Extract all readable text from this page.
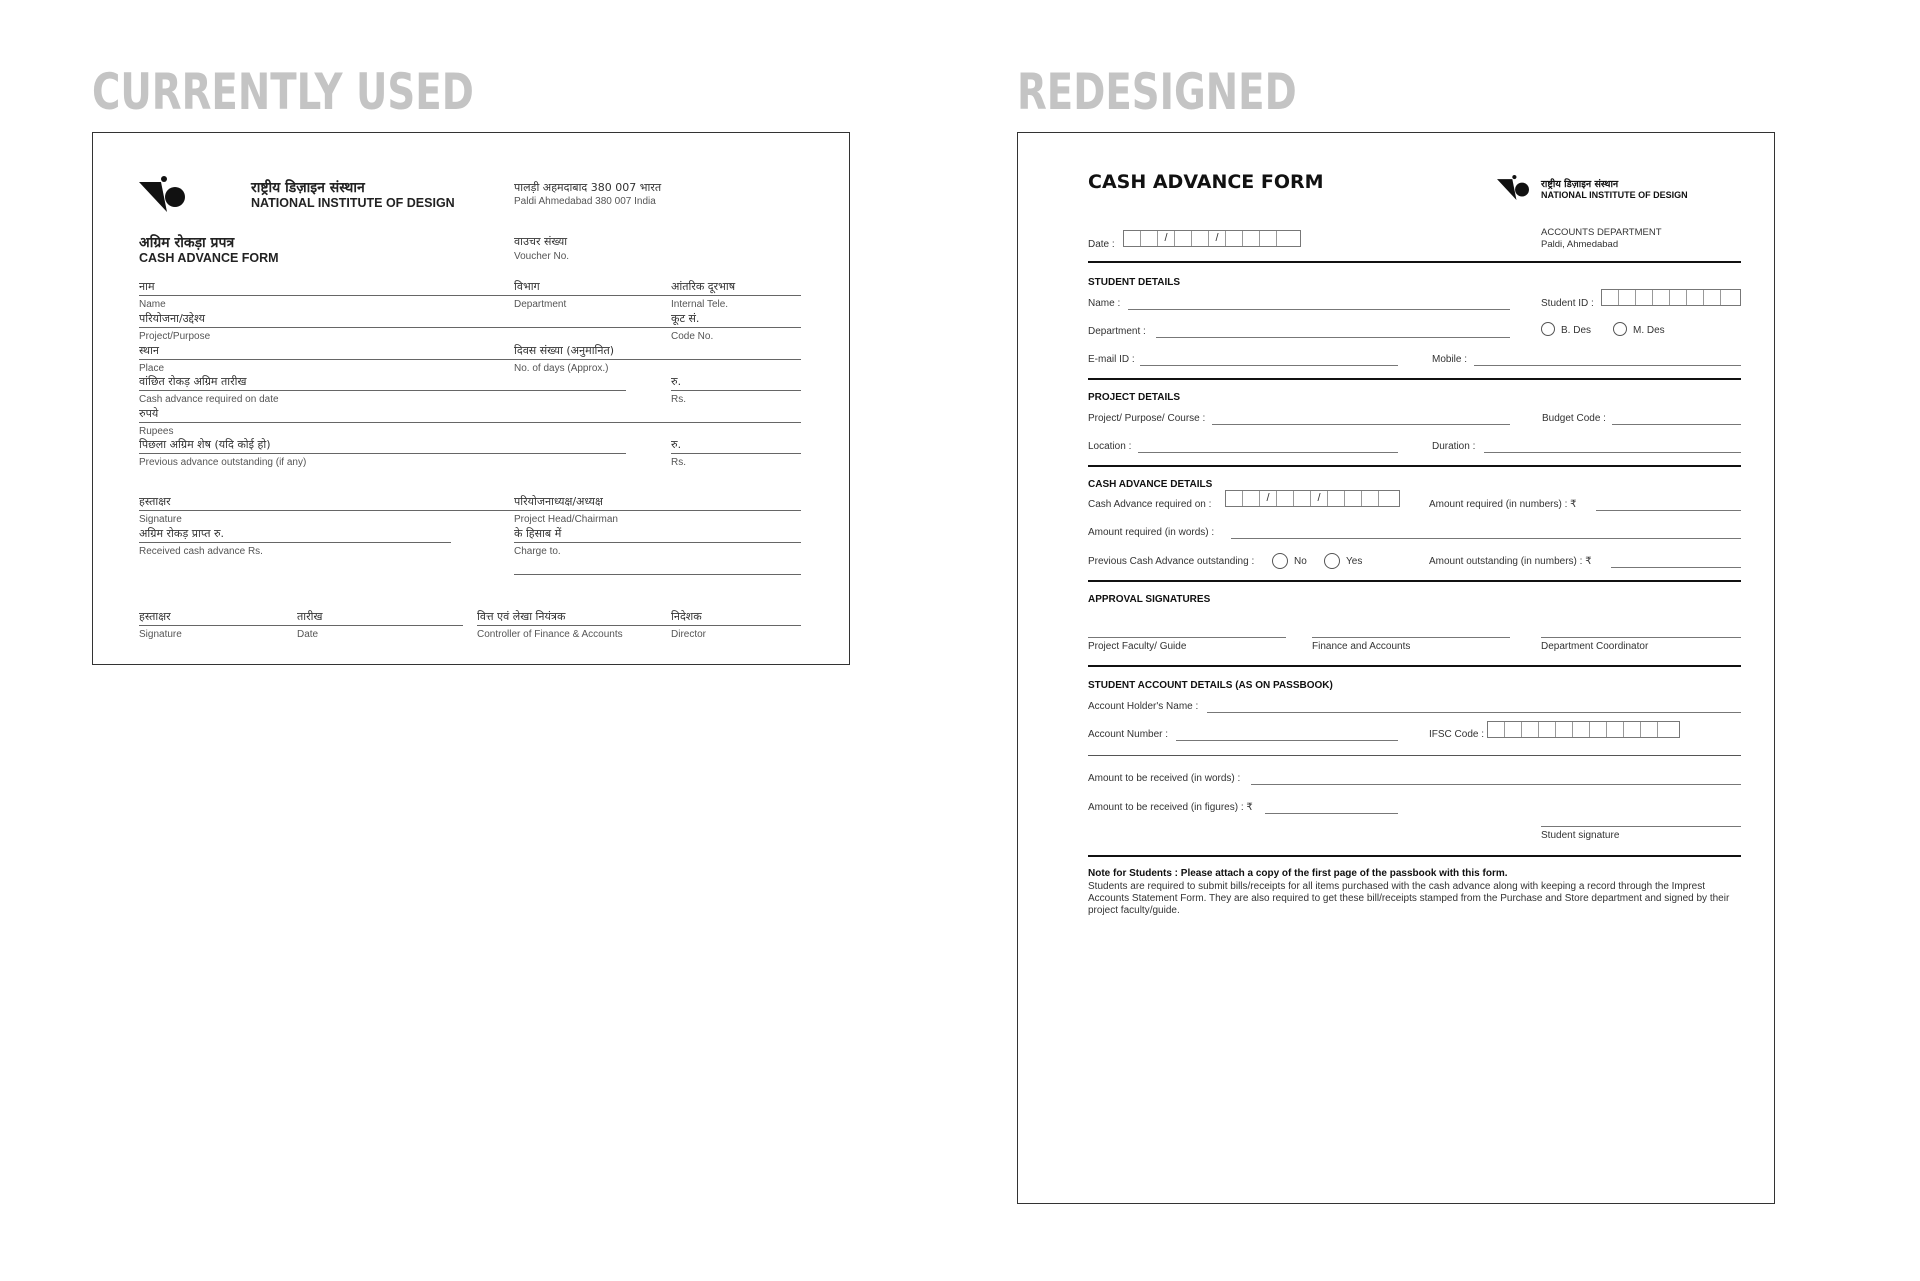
CURRENTLY USED	REDESIGNED
राष्ट्रीय डिज़ाइन संस्थान
NATIONAL INSTITUTE OF DESIGN
पालड़ी अहमदाबाद 380 007 भारत
Paldi Ahmedabad 380 007 India
अग्रिम रोकड़ा प्रपत्र
CASH ADVANCE FORM
वाउचर संख्या
Voucher No.
नाम	विभाग	आंतरिक दूरभाष
Name	Department	Internal Tele.
परियोजना/उद्देश्य	कूट सं.
Project/Purpose	Code No.
स्थान	दिवस संख्या (अनुमानित)
Place	No. of days (Approx.)
वांछित रोकड़ अग्रिम तारीख	रु.
Cash advance required on date	Rs.
रुपये
Rupees
पिछला अग्रिम शेष (यदि कोई हो)	रु.
Previous advance outstanding (if any)	Rs.
हस्ताक्षर	परियोजनाध्यक्ष/अध्यक्ष
Signature	Project Head/Chairman
अग्रिम रोकड़ प्राप्त रु.	के हिसाब में
Received cash advance Rs.	Charge to.
हस्ताक्षर	तारीख	वित्त एवं लेखा नियंत्रक	निदेशक
Signature	Date	Controller of Finance & Accounts	Director
CASH ADVANCE FORM	राष्ट्रीय डिज़ाइन संस्थान
NATIONAL INSTITUTE OF DESIGN
Date :
/	/	ACCOUNTS DEPARTMENT
Paldi, Ahmedabad
STUDENT DETAILS
Name :	Student ID :
Department :	B. Des	M. Des
E-mail ID :	Mobile :
PROJECT DETAILS
Project/ Purpose/ Course :	Budget Code :
Location :	Duration :
CASH ADVANCE DETAILS
Cash Advance required on :
/	/
Amount required (in numbers) : ₹
Amount required (in words) :
Previous Cash Advance outstanding :	No	Yes	Amount outstanding (in numbers) : ₹
APPROVAL SIGNATURES
Project Faculty/ Guide	Finance and Accounts	Department Coordinator
STUDENT ACCOUNT DETAILS (AS ON PASSBOOK)
Account Holder's Name :
Account Number :	IFSC Code :
Amount to be received (in words) :
Amount to be received (in figures) : ₹
Student signature
Note for Students : Please attach a copy of the first page of the passbook with this form.
Students are required to submit bills/receipts for all items purchased with the cash advance along with keeping a record through the Imprest Accounts Statement Form. They are also required to get these bill/receipts stamped from the Purchase and Store department and signed by their project faculty/guide.
